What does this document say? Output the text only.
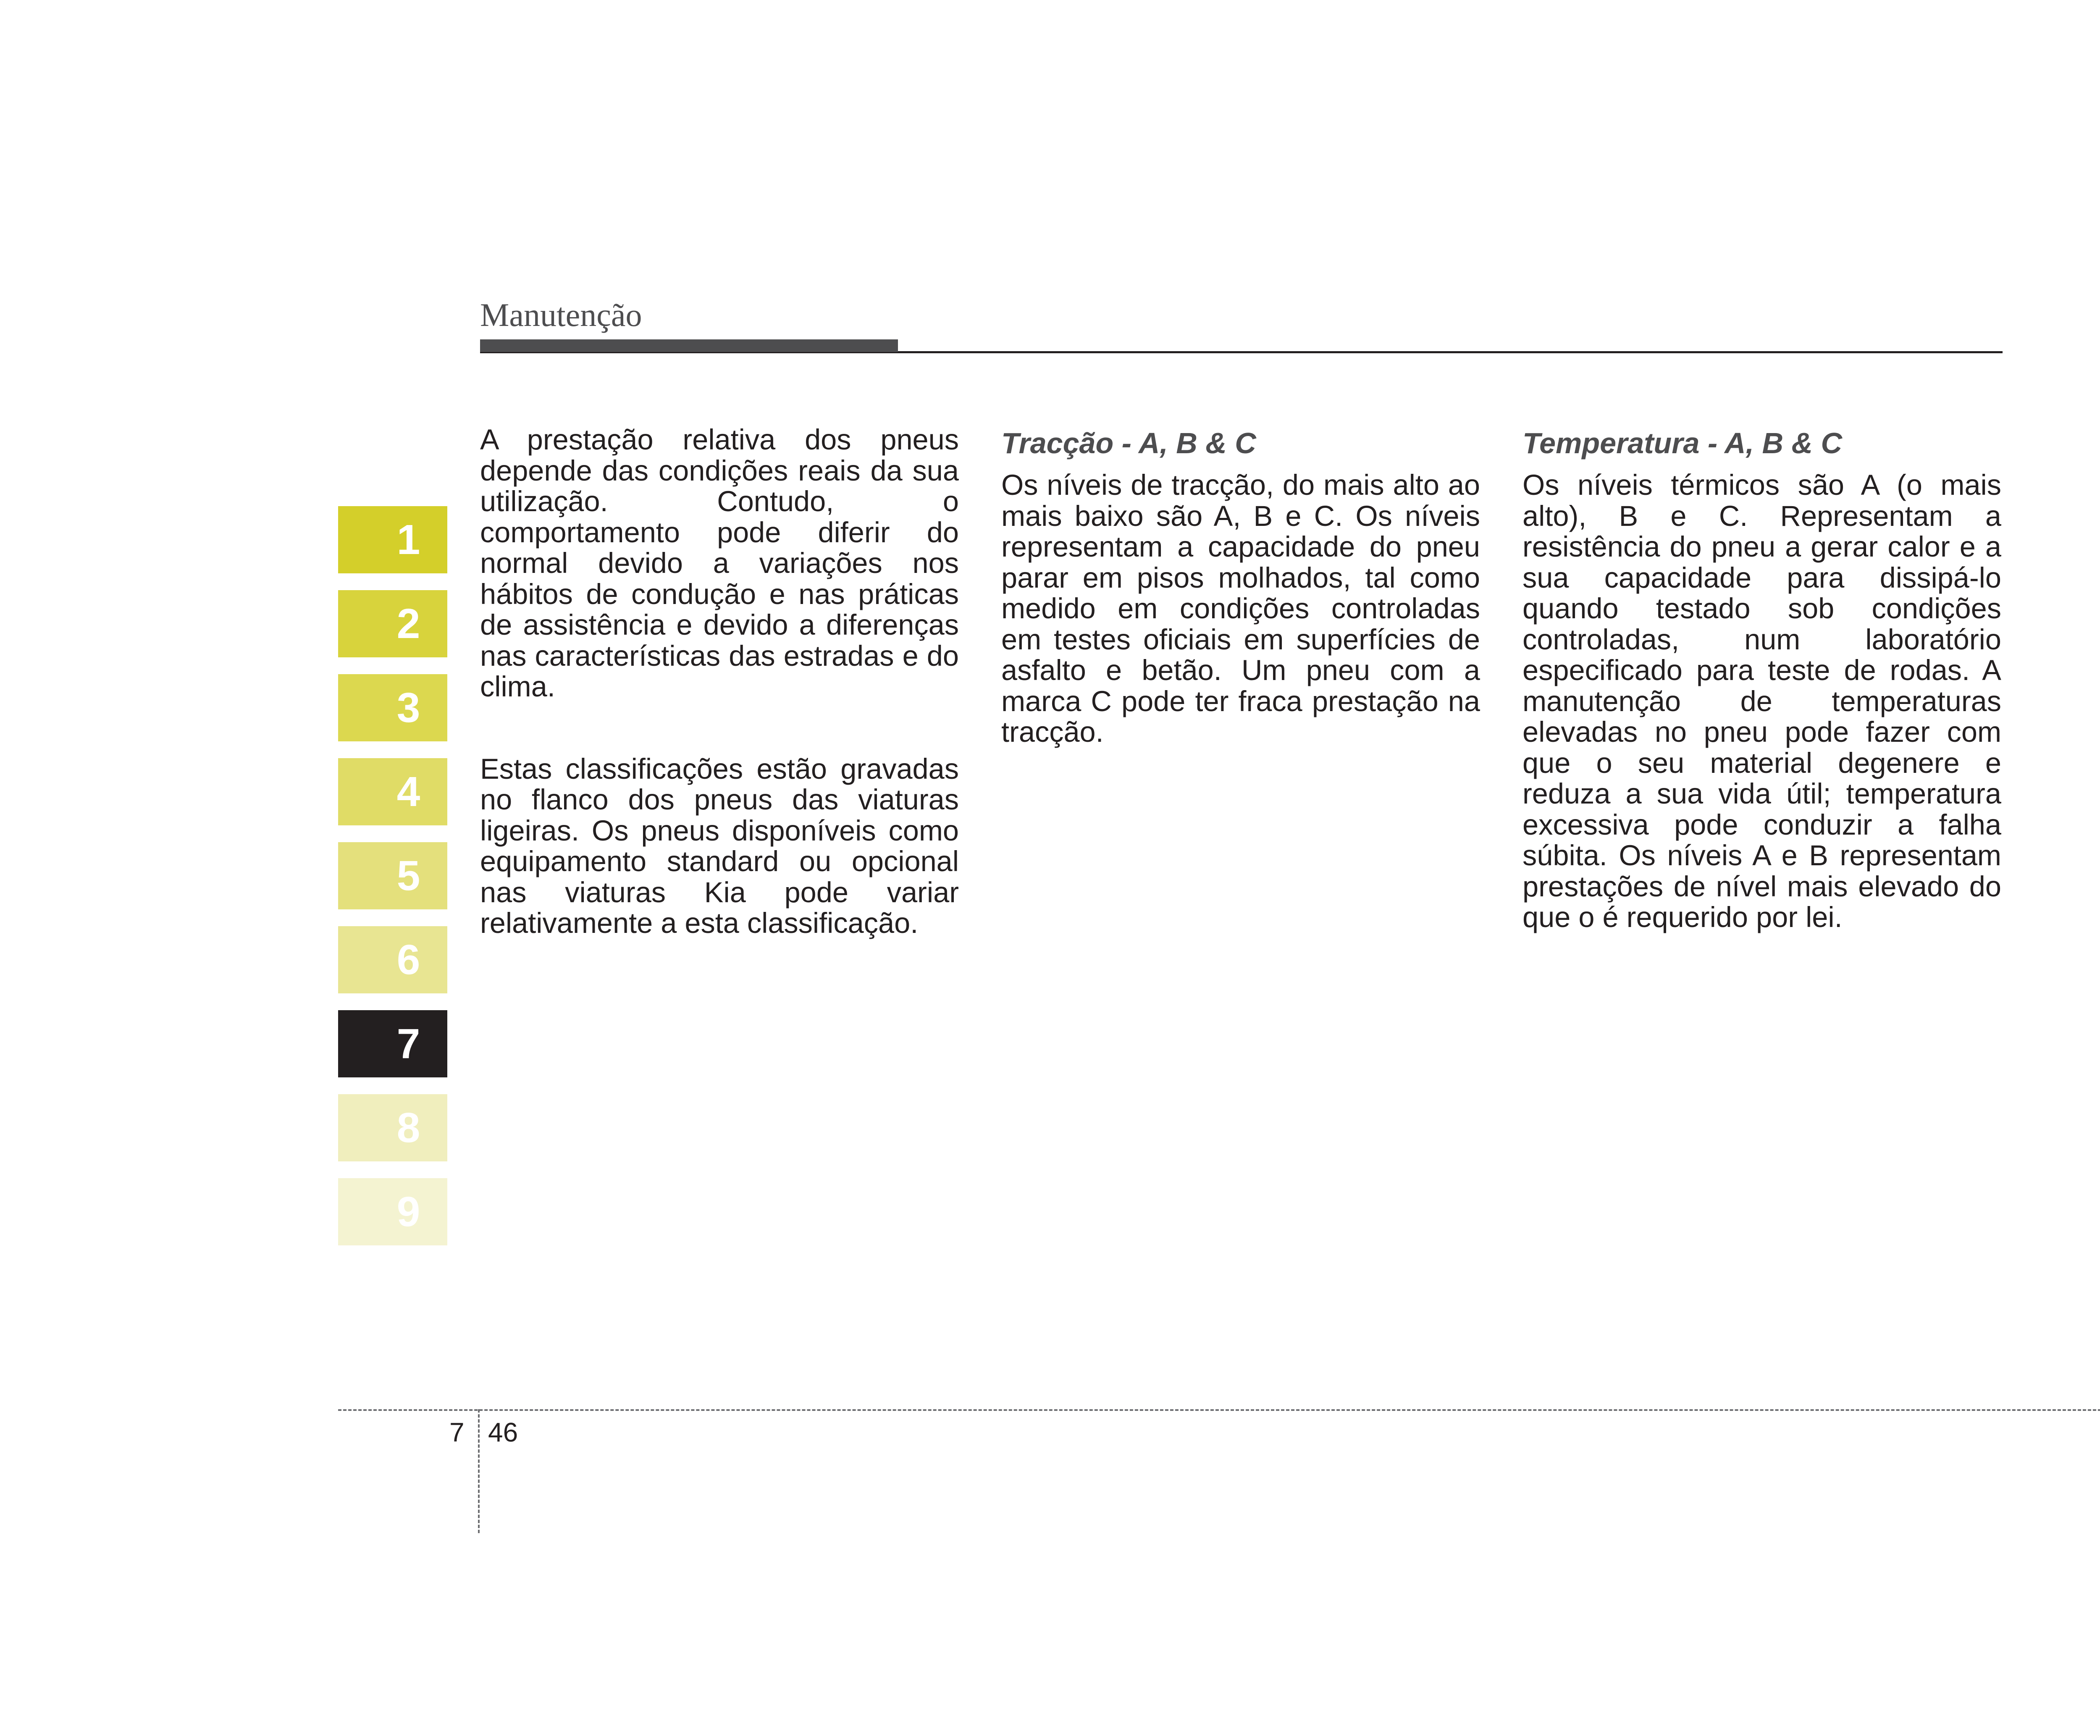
Manutenção
1
2
3
4
5
6
7
8
9

A prestação relativa dos pneus depende das condições reais da sua utilização. Contudo, o comportamento pode diferir do normal devido a variações nos hábitos de condução e nas práticas de assistência e devido a diferenças nas características das estradas e do clima.

Estas classificações estão gravadas no flanco dos pneus das viaturas ligeiras. Os pneus disponíveis como equipamento standard ou opcional nas viaturas Kia pode variar relativamente a esta classificação.

Tracção - A, B & C

Os níveis de tracção, do mais alto ao mais baixo são A, B e C. Os níveis representam a capacidade do pneu parar em pisos molhados, tal como medido em condições controladas em testes oficiais em superfícies de asfalto e betão. Um pneu com a marca C pode ter fraca prestação na tracção.

Temperatura - A, B & C

Os níveis térmicos são A (o mais alto), B e C. Representam a resistência do pneu a gerar calor e a sua capacidade para dissipá-lo quando testado sob condições controladas, num laboratório especificado para teste de rodas. A manutenção de temperaturas elevadas no pneu pode fazer com que o seu material degenere e reduza a sua vida útil; temperatura excessiva pode conduzir a falha súbita. Os níveis A e B representam prestações de nível mais elevado do que o é requerido por lei.

7 46
